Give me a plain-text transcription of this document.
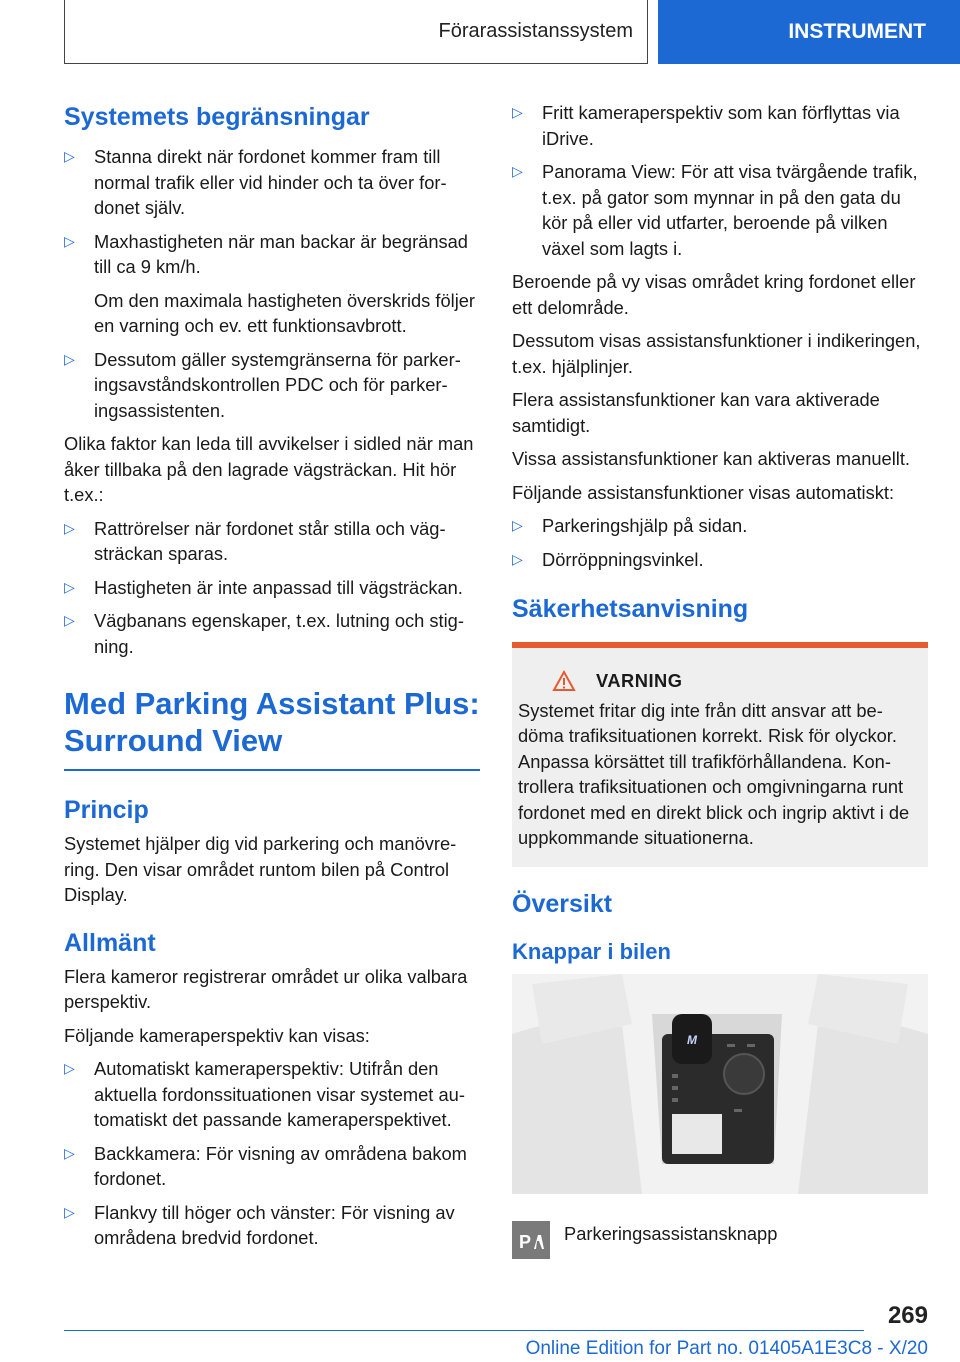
Förarassistanssystem	INSTRUMENT
Systemets begränsningar
▷ Stanna direkt när fordonet kommer fram till normal trafik eller vid hinder och ta över fordonet själv.
▷ Maxhastigheten när man backar är begränsad till ca 9 km/h.

Om den maximala hastigheten överskrids följer en varning och ev. ett funktionsavbrott.

▷ Dessutom gäller systemgränserna för parkeringsavståndskontrollen PDC och för parkeringsassistenten.

Olika faktor kan leda till avvikelser i sidled när man åker tillbaka på den lagrade vägsträckan. Hit hör t.ex.:

▷ Rattrörelser när fordonet står stilla och vägsträckan sparas.
▷ Hastigheten är inte anpassad till vägsträckan.
▷ Vägbanans egenskaper, t.ex. lutning och stigning.
Med Parking Assistant Plus: Surround View
Princip

Systemet hjälper dig vid parkering och manövrering. Den visar området runtom bilen på Control Display.

Allmänt

Flera kameror registrerar området ur olika valbara perspektiv.

Följande kameraperspektiv kan visas:

▷ Automatiskt kameraperspektiv: Utifrån den aktuella fordonssituationen visar systemet automatiskt det passande kameraperspektivet.
▷ Backkamera: För visning av områdena bakom fordonet.
▷ Flankvy till höger och vänster: För visning av områdena bredvid fordonet.
▷ Fritt kameraperspektiv som kan förflyttas via iDrive.
▷ Panorama View: För att visa tvärgående trafik, t.ex. på gator som mynnar in på den gata du kör på eller vid utfarter, beroende på vilken växel som lagts i.

Beroende på vy visas området kring fordonet eller ett delområde.

Dessutom visas assistansfunktioner i indikeringen, t.ex. hjälplinjer.

Flera assistansfunktioner kan vara aktiverade samtidigt.

Vissa assistansfunktioner kan aktiveras manuellt.

Följande assistansfunktioner visas automatiskt:

▷ Parkeringshjälp på sidan.
▷ Dörröppningsvinkel.
Säkerhetsanvisning
VARNING
Systemet fritar dig inte från ditt ansvar att bedöma trafiksituationen korrekt. Risk för olyckor. Anpassa körsättet till trafikförhållandena. Kontrollera trafiksituationen och omgivningarna runt fordonet med en direkt blick och ingrip aktivt i de uppkommande situationerna.
Översikt
Knappar i bilen
M
P Parkeringsassistansknapp
269
Online Edition for Part no. 01405A1E3C8 - X/20
